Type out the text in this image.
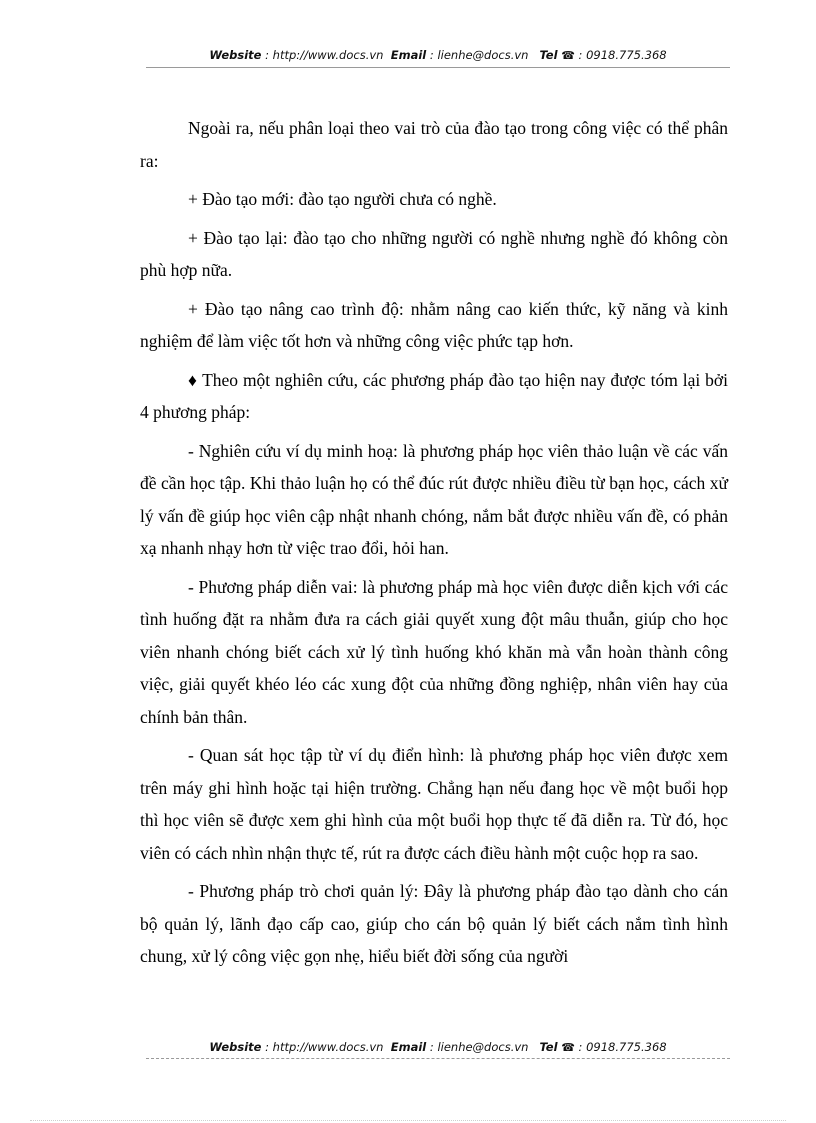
Website : http://www.docs.vn Email : lienhe@docs.vn Tel ☎ : 0918.775.368

Ngoài ra, nếu phân loại theo vai trò của đào tạo trong công việc có thể phân ra:

+ Đào tạo mới: đào tạo người chưa có nghề.

+ Đào tạo lại: đào tạo cho những người có nghề nhưng nghề đó không còn phù hợp nữa.

+ Đào tạo nâng cao trình độ: nhằm nâng cao kiến thức, kỹ năng và kinh nghiệm để làm việc tốt hơn và những công việc phức tạp hơn.

♦ Theo một nghiên cứu, các phương pháp đào tạo hiện nay được tóm lại bởi 4 phương pháp:

- Nghiên cứu ví dụ minh hoạ: là phương pháp học viên thảo luận về các vấn đề cần học tập. Khi thảo luận họ có thể đúc rút được nhiều điều từ bạn học, cách xử lý vấn đề giúp học viên cập nhật nhanh chóng, nắm bắt được nhiều vấn đề, có phản xạ nhanh nhạy hơn từ việc trao đổi, hỏi han.

- Phương pháp diễn vai: là phương pháp mà học viên được diễn kịch với các tình huống đặt ra nhằm đưa ra cách giải quyết xung đột mâu thuẫn, giúp cho học viên nhanh chóng biết cách xử lý tình huống khó khăn mà vẫn hoàn thành công việc, giải quyết khéo léo các xung đột của những đồng nghiệp, nhân viên hay của chính bản thân.

- Quan sát học tập từ ví dụ điển hình: là phương pháp học viên được xem trên máy ghi hình hoặc tại hiện trường. Chẳng hạn nếu đang học về một buổi họp thì học viên sẽ được xem ghi hình của một buổi họp thực tế đã diễn ra. Từ đó, học viên có cách nhìn nhận thực tế, rút ra được cách điều hành một cuộc họp ra sao.

- Phương pháp trò chơi quản lý: Đây là phương pháp đào tạo dành cho cán bộ quản lý, lãnh đạo cấp cao, giúp cho cán bộ quản lý biết cách nắm tình hình chung, xử lý công việc gọn nhẹ, hiểu biết đời sống của người

Website : http://www.docs.vn Email : lienhe@docs.vn Tel ☎ : 0918.775.368
